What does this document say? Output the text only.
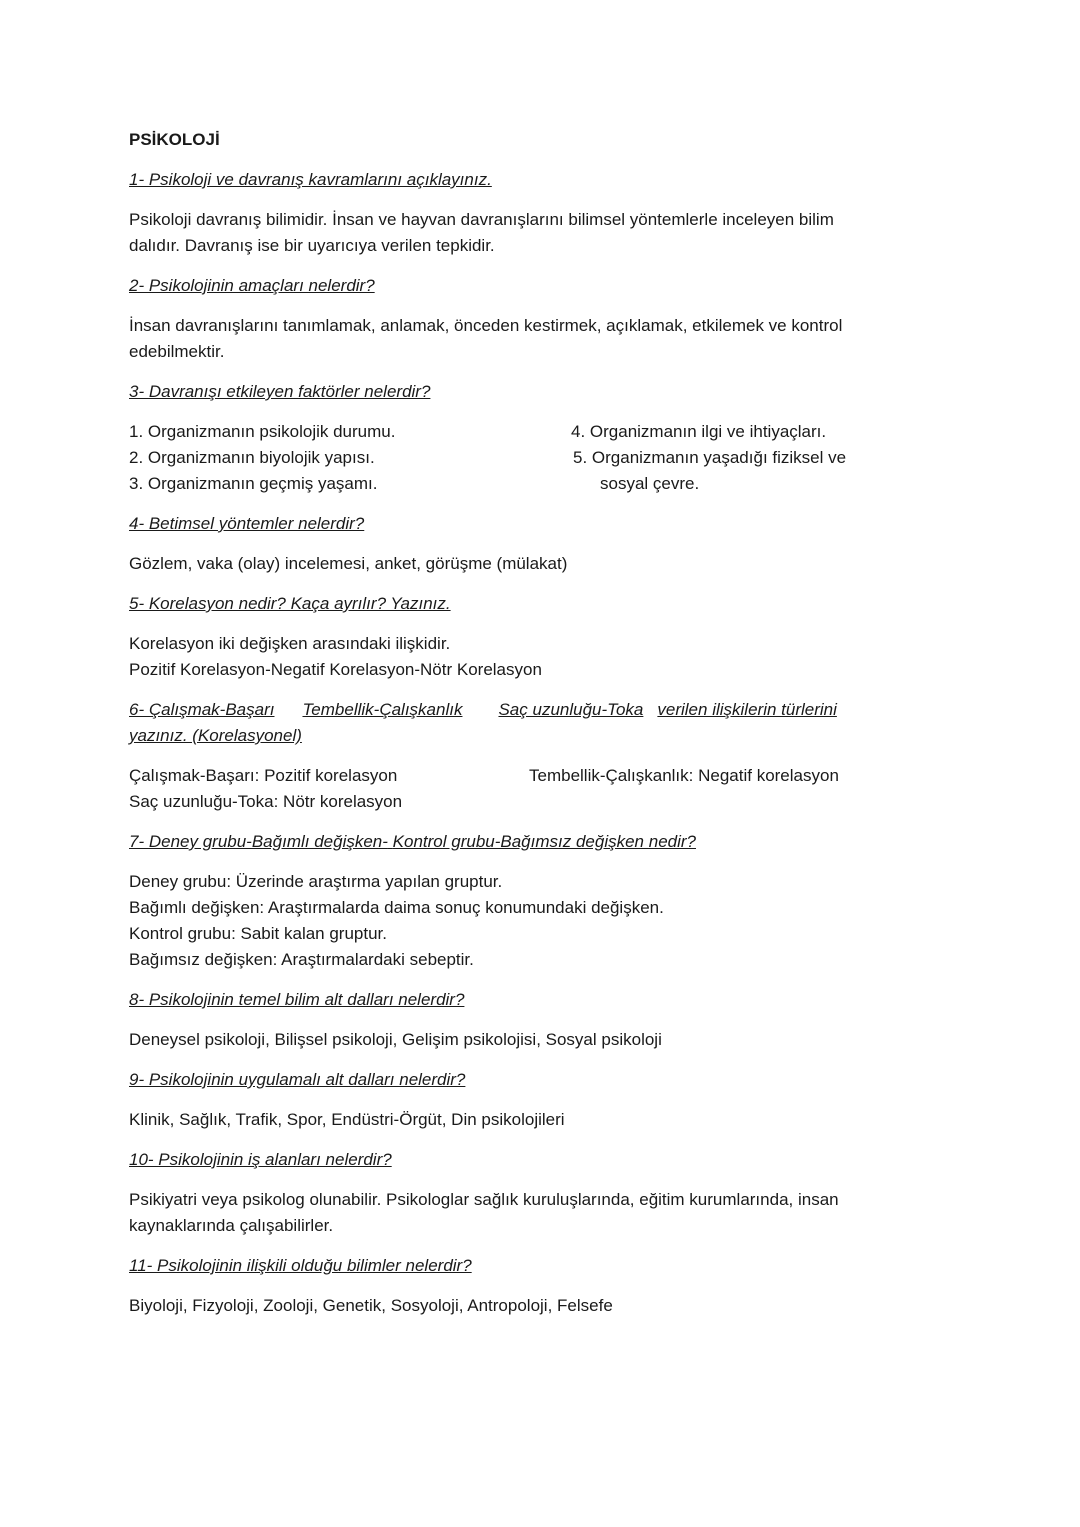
PSİKOLOJİ
1- Psikoloji ve davranış kavramlarını açıklayınız.
Psikoloji davranış bilimidir. İnsan ve hayvan davranışlarını bilimsel yöntemlerle inceleyen bilim
dalıdır. Davranış ise bir uyarıcıya verilen tepkidir.
2- Psikolojinin amaçları nelerdir?
İnsan davranışlarını tanımlamak, anlamak, önceden kestirmek, açıklamak, etkilemek ve kontrol
edebilmektir.
3- Davranışı etkileyen faktörler nelerdir?
1. Organizmanın psikolojik durumu.
2. Organizmanın biyolojik yapısı.
3. Organizmanın geçmiş yaşamı.
4. Organizmanın ilgi ve ihtiyaçları.
5. Organizmanın yaşadığı fiziksel ve
sosyal çevre.
4- Betimsel yöntemler nelerdir?
Gözlem, vaka (olay) incelemesi, anket, görüşme (mülakat)
5- Korelasyon nedir? Kaça ayrılır? Yazınız.
Korelasyon iki değişken arasındaki ilişkidir.
Pozitif Korelasyon-Negatif Korelasyon-Nötr Korelasyon
6- Çalışmak-Başarı Tembellik-Çalışkanlık Saç uzunluğu-Toka verilen ilişkilerin türlerini
yazınız. (Korelasyonel)
Çalışmak-Başarı: Pozitif korelasyon	Tembellik-Çalışkanlık: Negatif korelasyon
Saç uzunluğu-Toka: Nötr korelasyon
7- Deney grubu-Bağımlı değişken- Kontrol grubu-Bağımsız değişken nedir?
Deney grubu: Üzerinde araştırma yapılan gruptur.
Bağımlı değişken: Araştırmalarda daima sonuç konumundaki değişken.
Kontrol grubu: Sabit kalan gruptur.
Bağımsız değişken: Araştırmalardaki sebeptir.
8- Psikolojinin temel bilim alt dalları nelerdir?
Deneysel psikoloji, Bilişsel psikoloji, Gelişim psikolojisi, Sosyal psikoloji
9- Psikolojinin uygulamalı alt dalları nelerdir?
Klinik, Sağlık, Trafik, Spor, Endüstri-Örgüt, Din psikolojileri
10- Psikolojinin iş alanları nelerdir?
Psikiyatri veya psikolog olunabilir. Psikologlar sağlık kuruluşlarında, eğitim kurumlarında, insan
kaynaklarında çalışabilirler.
11- Psikolojinin ilişkili olduğu bilimler nelerdir?
Biyoloji, Fizyoloji, Zooloji, Genetik, Sosyoloji, Antropoloji, Felsefe
